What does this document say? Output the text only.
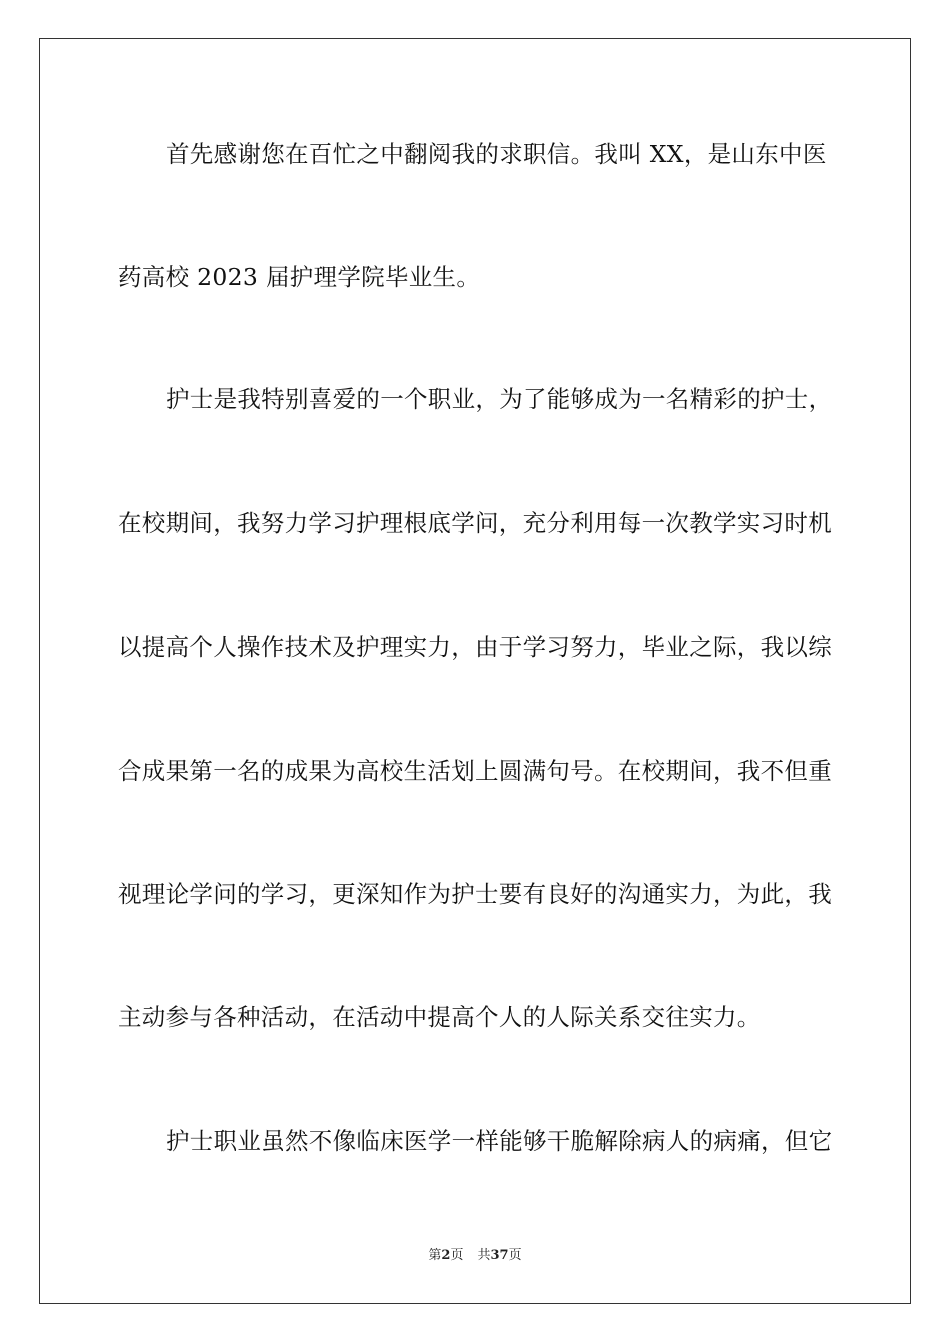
首先感谢您在百忙之中翻阅我的求职信。我叫 XX，是山东中医
药高校 2023 届护理学院毕业生。
护士是我特别喜爱的一个职业，为了能够成为一名精彩的护士，
在校期间，我努力学习护理根底学问，充分利用每一次教学实习时机
以提高个人操作技术及护理实力，由于学习努力，毕业之际，我以综
合成果第一名的成果为高校生活划上圆满句号。在校期间，我不但重
视理论学问的学习，更深知作为护士要有良好的沟通实力，为此，我
主动参与各种活动，在活动中提高个人的人际关系交往实力。
护士职业虽然不像临床医学一样能够干脆解除病人的病痛，但它
第2页 共37页
